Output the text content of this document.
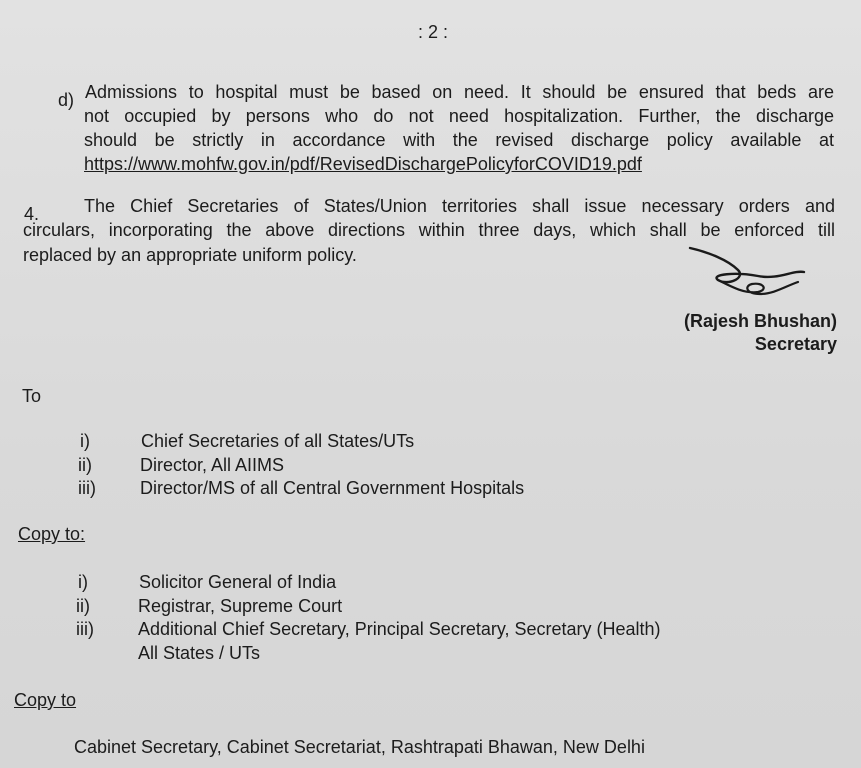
: 2 :
d) Admissions to hospital must be based on need. It should be ensured that beds are
not occupied by persons who do not need hospitalization. Further, the discharge
should be strictly in accordance with the revised discharge policy available at
https://www.mohfw.gov.in/pdf/RevisedDischargePolicyforCOVID19.pdf
4. The Chief Secretaries of States/Union territories shall issue necessary orders and
circulars, incorporating the above directions within three days, which shall be enforced till
replaced by an appropriate uniform policy.
(Rajesh Bhushan)
Secretary
To
i)	Chief Secretaries of all States/UTs
ii)	Director, All AIIMS
iii) Director/MS of all Central Government Hospitals
Copy to:
i)	Solicitor General of India
ii)	Registrar, Supreme Court
iii) Additional Chief Secretary, Principal Secretary, Secretary (Health)
All States / UTs
Copy to
Cabinet Secretary, Cabinet Secretariat, Rashtrapati Bhawan, New Delhi
